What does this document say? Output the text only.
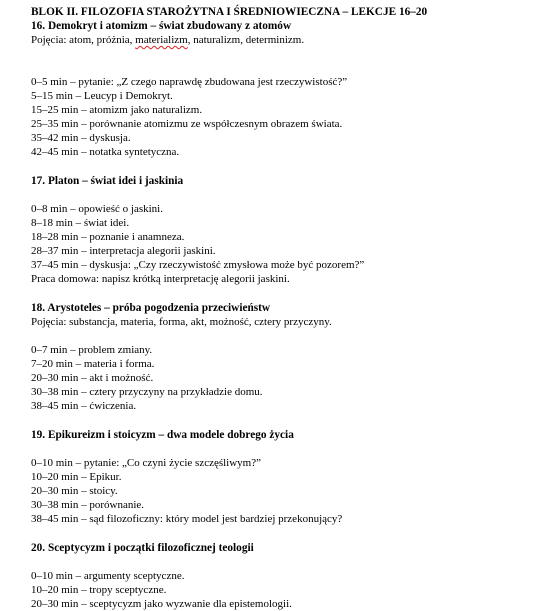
BLOK II. FILOZOFIA STAROŻYTNA I ŚREDNIOWIECZNA – LEKCJE 16–20

16. Demokryt i atomizm – świat zbudowany z atomów

Pojęcia: atom, próżnia, materializm, naturalizm, determinizm.

0–5 min – pytanie: „Z czego naprawdę zbudowana jest rzeczywistość?”

5–15 min – Leucyp i Demokryt.

15–25 min – atomizm jako naturalizm.

25–35 min – porównanie atomizmu ze współczesnym obrazem świata.

35–42 min – dyskusja.

42–45 min – notatka syntetyczna.

17. Platon – świat idei i jaskinia

0–8 min – opowieść o jaskini.

8–18 min – świat idei.

18–28 min – poznanie i anamneza.

28–37 min – interpretacja alegorii jaskini.

37–45 min – dyskusja: „Czy rzeczywistość zmysłowa może być pozorem?”

Praca domowa: napisz krótką interpretację alegorii jaskini.

18. Arystoteles – próba pogodzenia przeciwieństw

Pojęcia: substancja, materia, forma, akt, możność, cztery przyczyny.

0–7 min – problem zmiany.

7–20 min – materia i forma.

20–30 min – akt i możność.

30–38 min – cztery przyczyny na przykładzie domu.

38–45 min – ćwiczenia.

19. Epikureizm i stoicyzm – dwa modele dobrego życia

0–10 min – pytanie: „Co czyni życie szczęśliwym?”

10–20 min – Epikur.

20–30 min – stoicy.

30–38 min – porównanie.

38–45 min – sąd filozoficzny: który model jest bardziej przekonujący?

20. Sceptycyzm i początki filozoficznej teologii

0–10 min – argumenty sceptyczne.

10–20 min – tropy sceptyczne.

20–30 min – sceptycyzm jako wyzwanie dla epistemologii.
